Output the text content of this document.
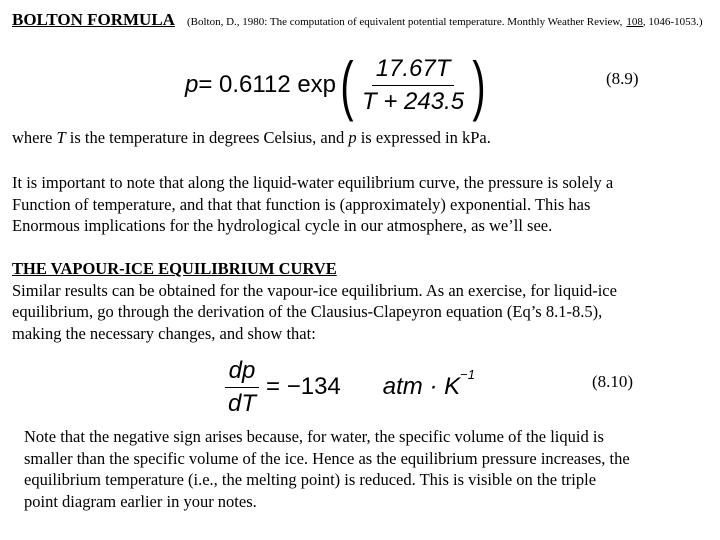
BOLTON FORMULA (Bolton, D., 1980: The computation of equivalent potential temperature. Monthly Weather Review, 108, 1046-1053.)
p = 0.6112 exp ( $\frac{17.67T}{T + 243.5}$ )	(8.9)
where T is the temperature in degrees Celsius, and p is expressed in kPa.
It is important to note that along the liquid-water equilibrium curve, the pressure is solely a
Function of temperature, and that that function is (approximately) exponential. This has
Enormous implications for the hydrological cycle in our atmosphere, as we’ll see.
THE VAPOUR-ICE EQUILIBRIUM CURVE
Similar results can be obtained for the vapour-ice equilibrium. As an exercise, for liquid-ice
equilibrium, go through the derivation of the Clausius-Clapeyron equation (Eq’s 8.1-8.5),
making the necessary changes, and show that:
$\frac{dp}{dT} = -134$ atm · $K^{-1}$	(8.10)
Note that the negative sign arises because, for water, the specific volume of the liquid is
smaller than the specific volume of the ice. Hence as the equilibrium pressure increases, the
equilibrium temperature (i.e., the melting point) is reduced. This is visible on the triple
point diagram earlier in your notes.
